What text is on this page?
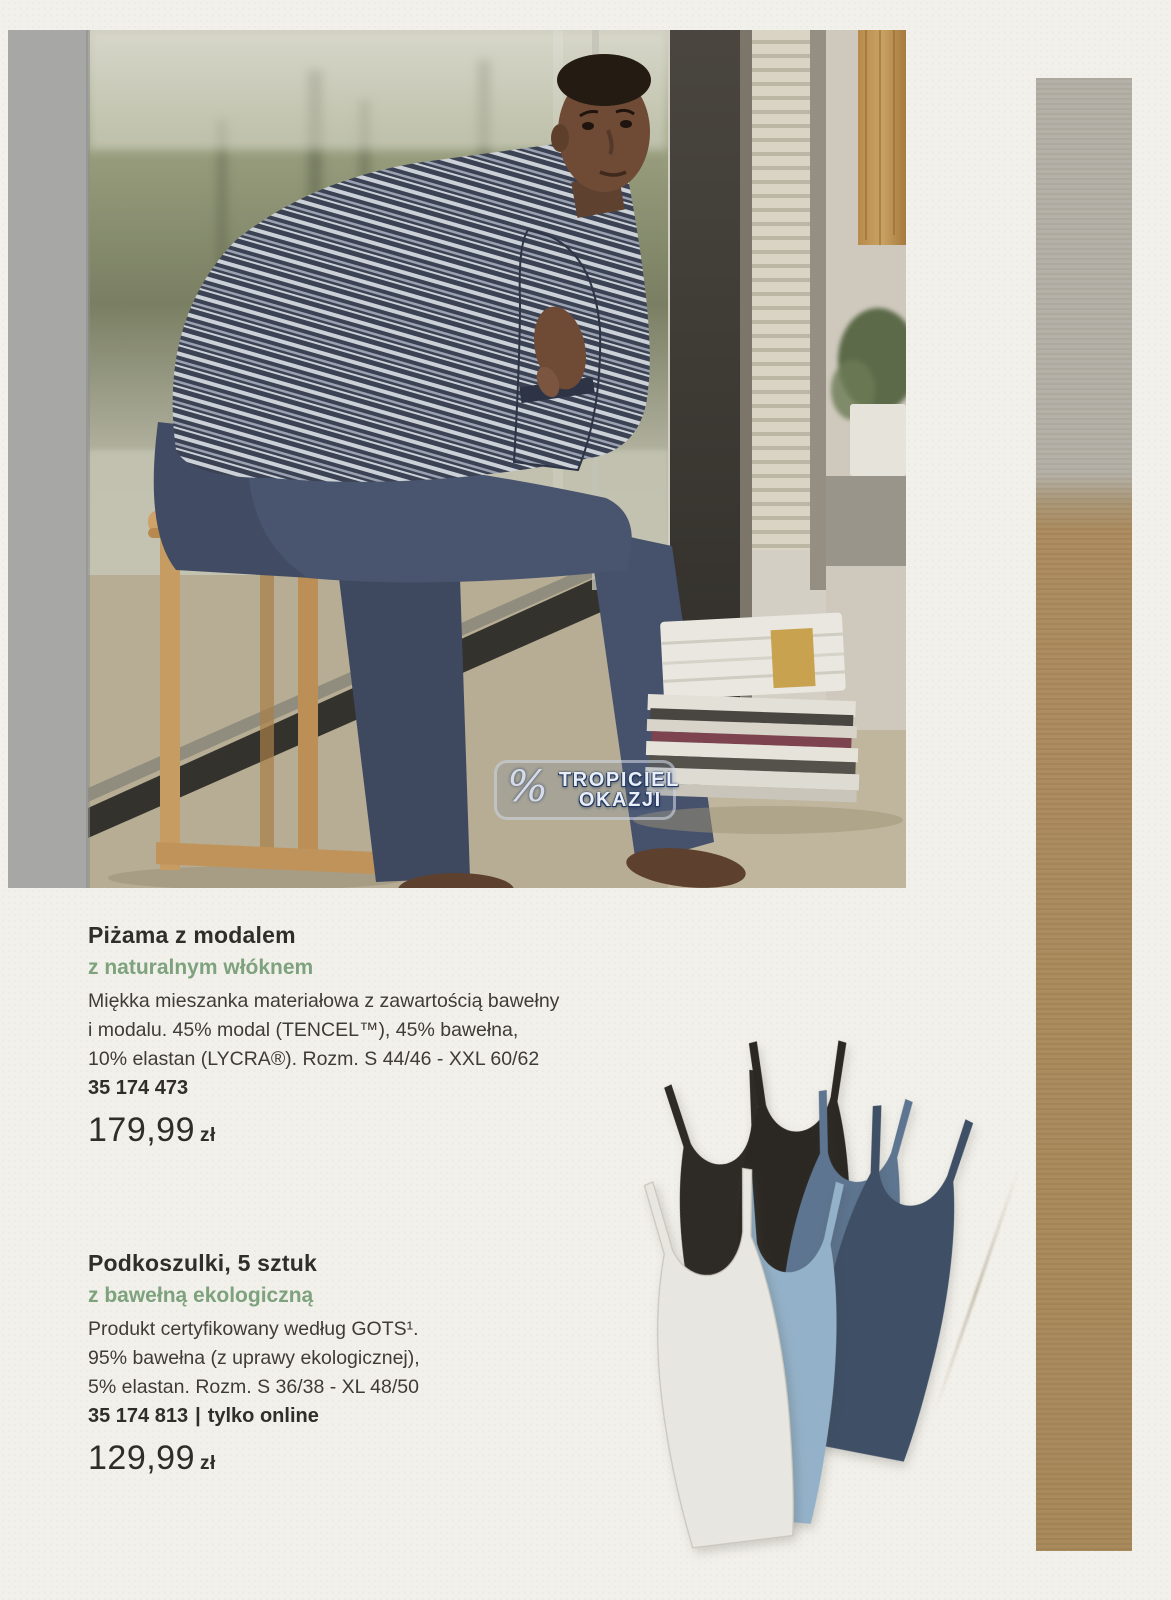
% TROPICIEL
OKAZJI
Piżama z modalem
z naturalnym włóknem

Miękka mieszanka materiałowa z zawartością bawełny
i modalu. 45% modal (TENCEL™), 45% bawełna,
10% elastan (LYCRA®). Rozm. S 44/46 - XXL 60/62

35 174 473
179,99 zł
Podkoszulki, 5 sztuk
z bawełną ekologiczną

Produkt certyfikowany według GOTS¹.
95% bawełna (z uprawy ekologicznej),
5% elastan. Rozm. S 36/38 - XL 48/50

35 174 813 | tylko online
129,99 zł
